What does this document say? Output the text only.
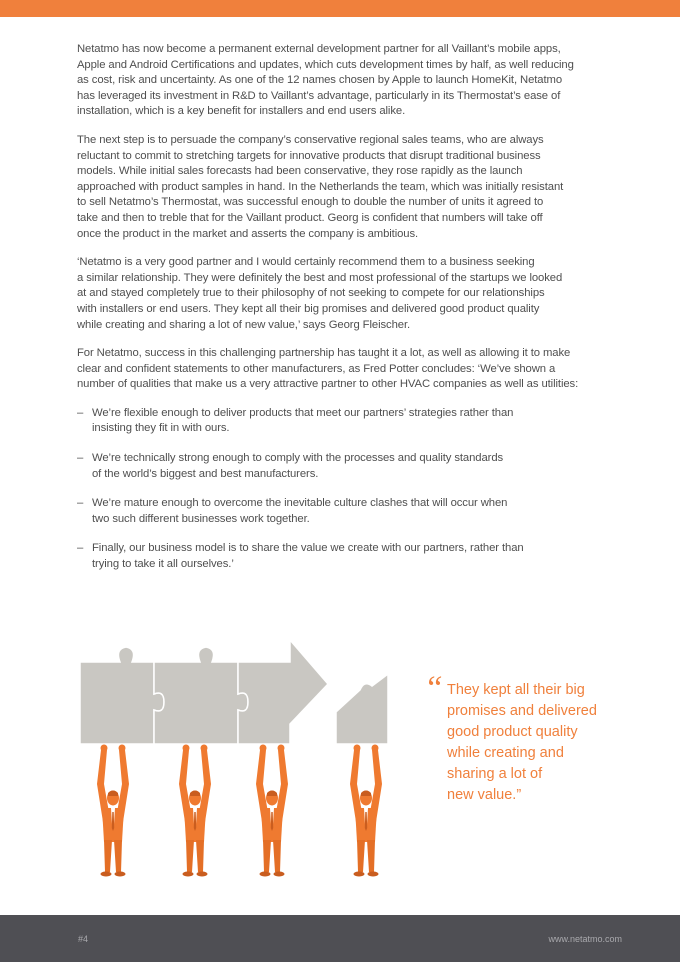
Netatmo has now become a permanent external development partner for all Vaillant’s mobile apps,
Apple and Android Certifications and updates, which cuts development times by half, as well reducing
as cost, risk and uncertainty. As one of the 12 names chosen by Apple to launch HomeKit, Netatmo
has leveraged its investment in R&D to Vaillant’s advantage, particularly in its Thermostat’s ease of
installation, which is a key benefit for installers and end users alike.

The next step is to persuade the company’s conservative regional sales teams, who are always
reluctant to commit to stretching targets for innovative products that disrupt traditional business
models. While initial sales forecasts had been conservative, they rose rapidly as the launch
approached with product samples in hand. In the Netherlands the team, which was initially resistant
to sell Netatmo’s Thermostat, was successful enough to double the number of units it agreed to
take and then to treble that for the Vaillant product. Georg is confident that numbers will take off
once the product in the market and asserts the company is ambitious.

‘Netatmo is a very good partner and I would certainly recommend them to a business seeking
a similar relationship. They were definitely the best and most professional of the startups we looked
at and stayed completely true to their philosophy of not seeking to compete for our relationships
with installers or end users. They kept all their big promises and delivered good product quality
while creating and sharing a lot of new value,’ says Georg Fleischer.

For Netatmo, success in this challenging partnership has taught it a lot, as well as allowing it to make
clear and confident statements to other manufacturers, as Fred Potter concludes: ‘We’ve shown a
number of qualities that make us a very attractive partner to other HVAC companies as well as utilities:

– We’re flexible enough to deliver products that meet our partners’ strategies rather than
insisting they fit in with ours.
– We’re technically strong enough to comply with the processes and quality standards
of the world’s biggest and best manufacturers.
– We’re mature enough to overcome the inevitable culture clashes that will occur when
two such different businesses work together.
– Finally, our business model is to share the value we create with our partners, rather than
trying to take it all ourselves.’
“ They kept all their big
promises and delivered
good product quality
while creating and
sharing a lot of
new value.”
#4	www.netatmo.com
